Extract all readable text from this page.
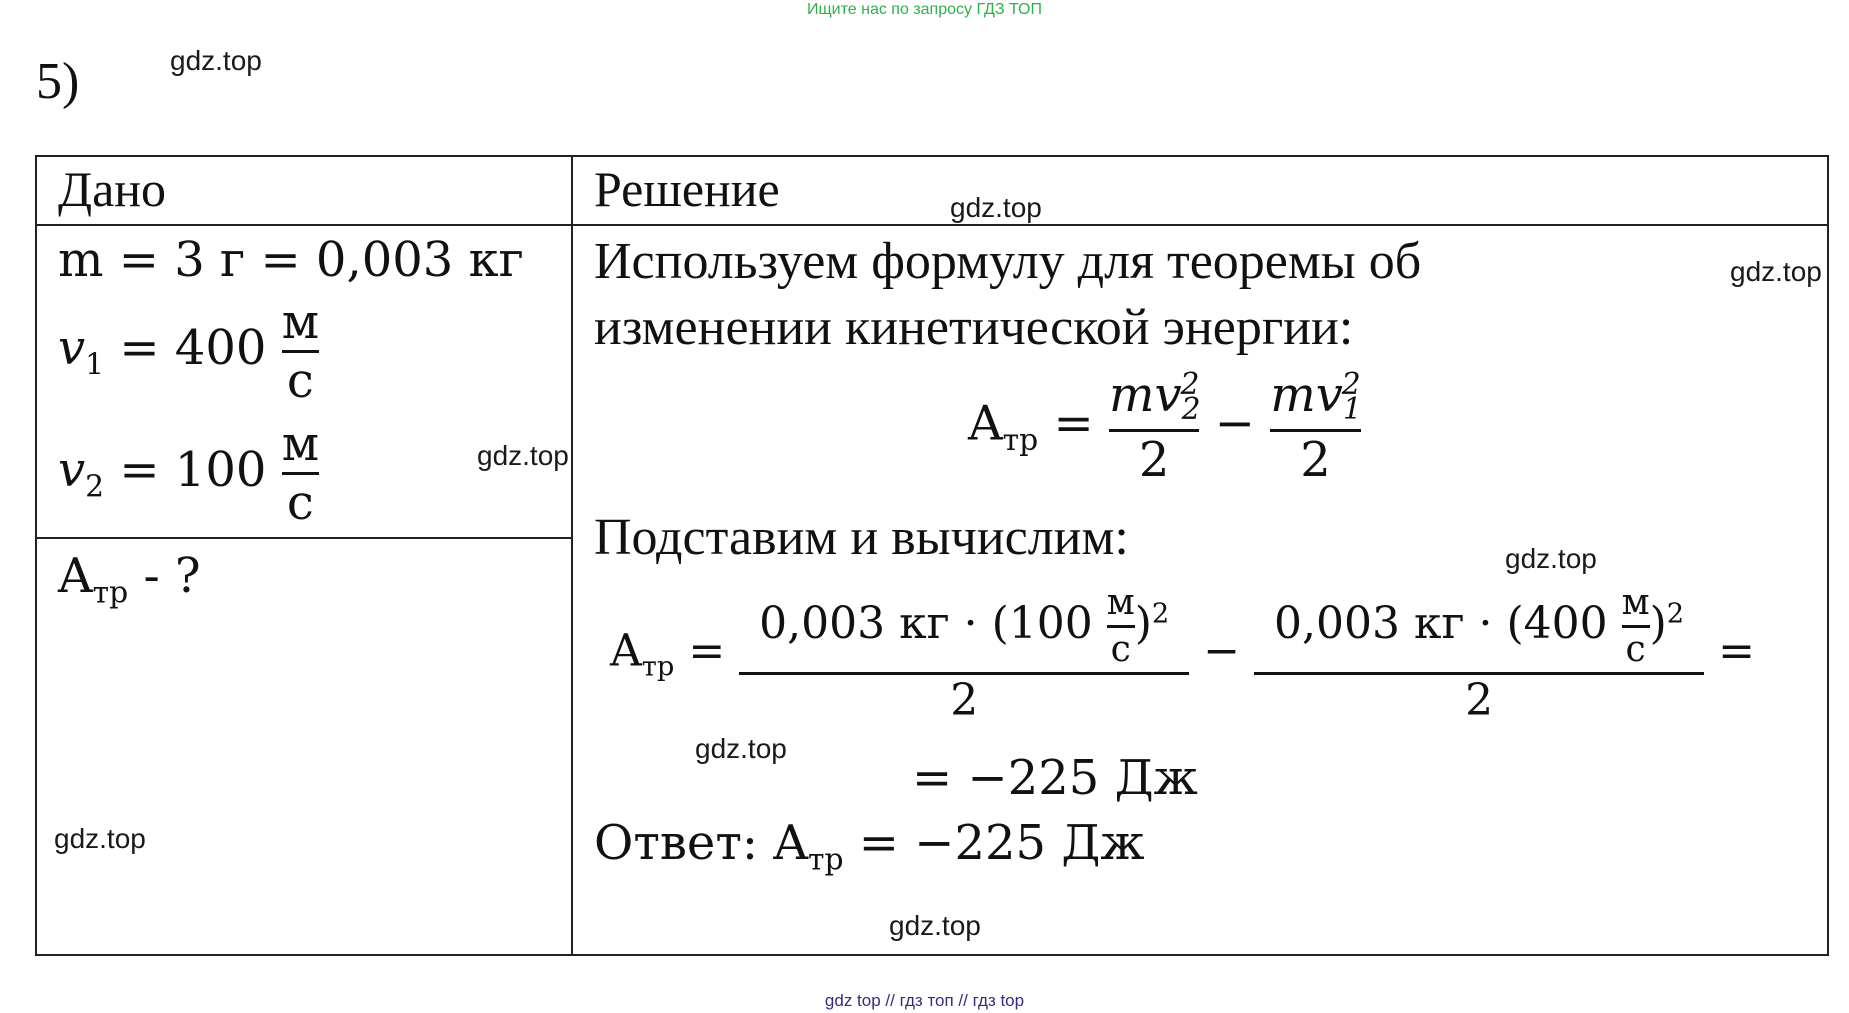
Ищите нас по запросу ГДЗ ТОП
5)
Дано	Решение
m = 3 г = 0,003 кг
$v_1 = 400 \frac{м}{с}$
$v_2 = 100 \frac{м}{с}$
$A_{тр}$ - ?
Используем формулу для теоремы об
изменении кинетической энергии:
$A_{тр} = \frac{mv_2^2}{2} - \frac{mv_1^2}{2}$
Подставим и вычислим:
$A_{тр} = \frac{0,003 кг \cdot (100 \frac{м}{с} )^2}{2} - \frac{0,003 кг \cdot (400 \frac{м}{с} )^2}{2}$ =
= −225 Дж
Ответ: $A_{тр} = -225$ Дж
gdz.top
gdz.top
gdz.top
gdz.top
gdz.top
gdz.top
gdz.top
gdz.top
gdz top // гдз топ // гдз top
